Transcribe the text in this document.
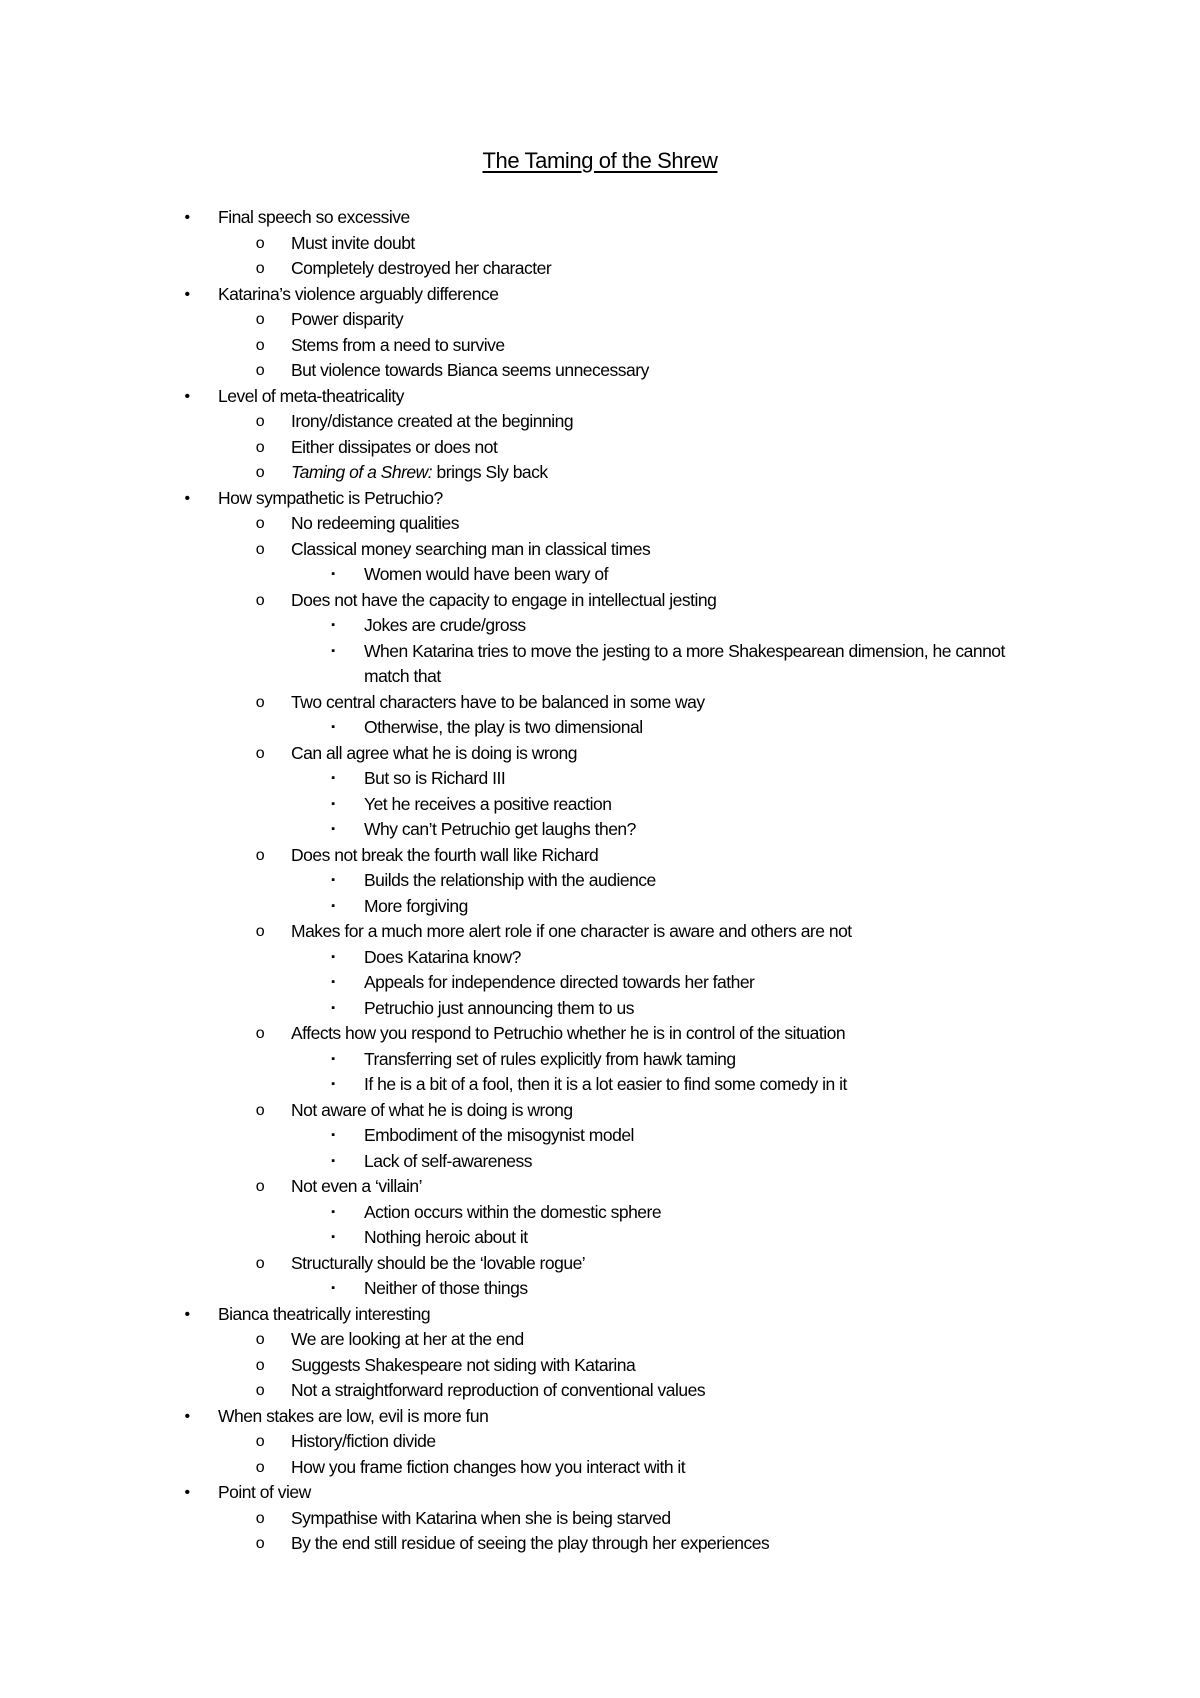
The Taming of the Shrew
• Final speech so excessive
o Must invite doubt
o Completely destroyed her character
• Katarina’s violence arguably difference
o Power disparity
o Stems from a need to survive
o But violence towards Bianca seems unnecessary
• Level of meta-theatricality
o Irony/distance created at the beginning
o Either dissipates or does not
o Taming of a Shrew: brings Sly back
• How sympathetic is Petruchio?
o No redeeming qualities
o Classical money searching man in classical times
▪	Women would have been wary of
o Does not have the capacity to engage in intellectual jesting
▪	Jokes are crude/gross
▪	When Katarina tries to move the jesting to a more Shakespearean dimension, he cannot match that
o Two central characters have to be balanced in some way
▪	Otherwise, the play is two dimensional
o Can all agree what he is doing is wrong
▪	But so is Richard III
▪	Yet he receives a positive reaction
▪	Why can’t Petruchio get laughs then?
o Does not break the fourth wall like Richard
▪	Builds the relationship with the audience
▪	More forgiving
o Makes for a much more alert role if one character is aware and others are not
▪	Does Katarina know?
▪	Appeals for independence directed towards her father
▪	Petruchio just announcing them to us
o Affects how you respond to Petruchio whether he is in control of the situation
▪	Transferring set of rules explicitly from hawk taming
▪	If he is a bit of a fool, then it is a lot easier to find some comedy in it
o Not aware of what he is doing is wrong
▪	Embodiment of the misogynist model
▪	Lack of self-awareness
o Not even a ‘villain’
▪	Action occurs within the domestic sphere
▪	Nothing heroic about it
o Structurally should be the ‘lovable rogue’
▪	Neither of those things
• Bianca theatrically interesting
o We are looking at her at the end
o Suggests Shakespeare not siding with Katarina
o Not a straightforward reproduction of conventional values
• When stakes are low, evil is more fun
o History/fiction divide
o How you frame fiction changes how you interact with it
• Point of view
o Sympathise with Katarina when she is being starved
o By the end still residue of seeing the play through her experiences
